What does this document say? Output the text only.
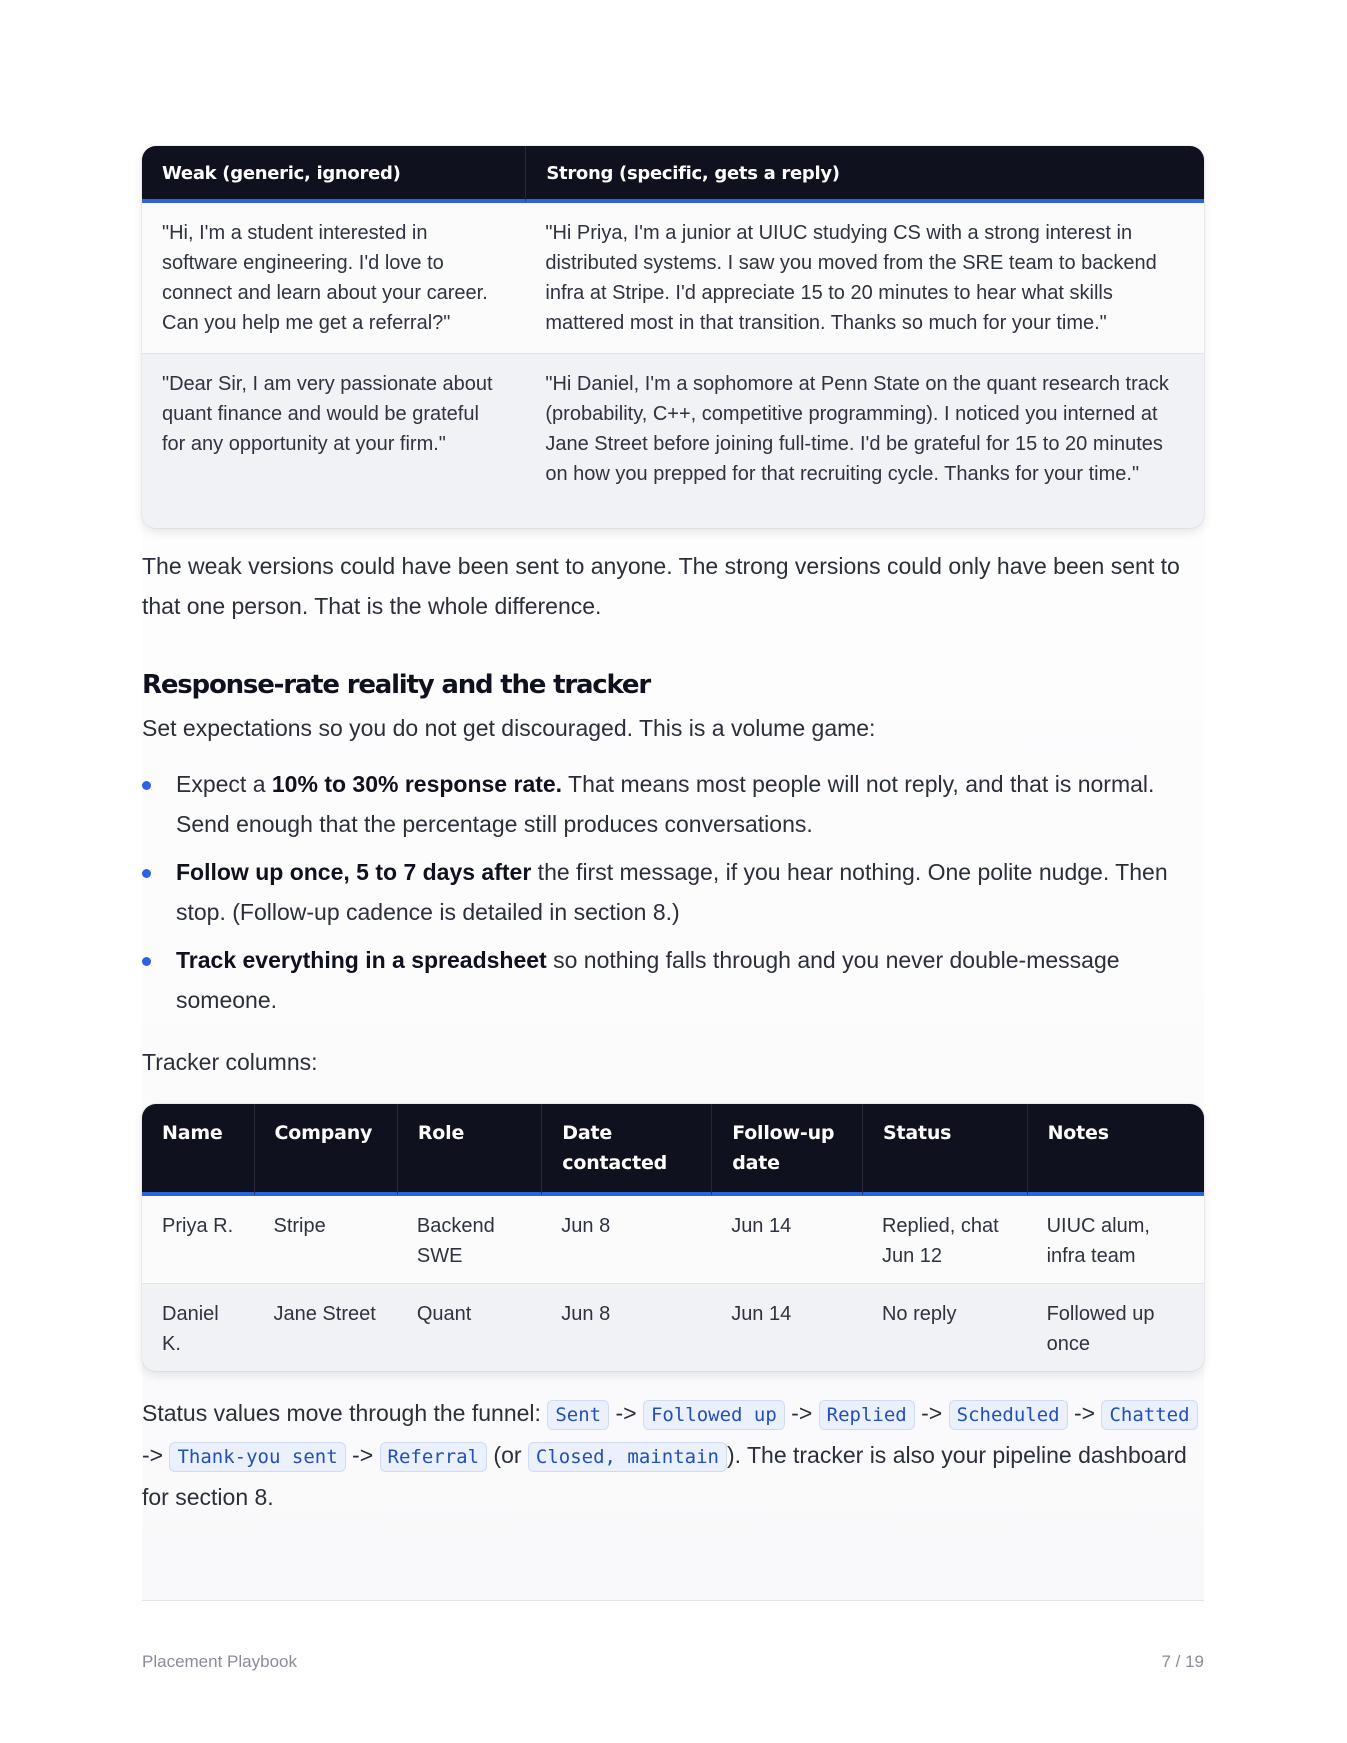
Weak (generic, ignored)	Strong (specific, gets a reply)
"Hi, I'm a student interested in software engineering. I'd love to connect and learn about your career. Can you help me get a referral?"	"Hi Priya, I'm a junior at UIUC studying CS with a strong interest in distributed systems. I saw you moved from the SRE team to backend infra at Stripe. I'd appreciate 15 to 20 minutes to hear what skills mattered most in that transition. Thanks so much for your time."
"Dear Sir, I am very passionate about quant finance and would be grateful for any opportunity at your firm."	"Hi Daniel, I'm a sophomore at Penn State on the quant research track (probability, C++, competitive programming). I noticed you interned at Jane Street before joining full-time. I'd be grateful for 15 to 20 minutes on how you prepped for that recruiting cycle. Thanks for your time."

The weak versions could have been sent to anyone. The strong versions could only have been sent to that one person. That is the whole difference.

Response-rate reality and the tracker

Set expectations so you do not get discouraged. This is a volume game:

Expect a 10% to 30% response rate. That means most people will not reply, and that is normal. Send enough that the percentage still produces conversations.
Follow up once, 5 to 7 days after the first message, if you hear nothing. One polite nudge. Then stop. (Follow-up cadence is detailed in section 8.)
Track everything in a spreadsheet so nothing falls through and you never double-message someone.

Tracker columns:

Name	Company	Role	Date contacted	Follow-up date	Status	Notes
Priya R.	Stripe	Backend SWE	Jun 8	Jun 14	Replied, chat Jun 12	UIUC alum, infra team
Daniel K.	Jane Street	Quant	Jun 8	Jun 14	No reply	Followed up once

Status values move through the funnel: Sent -> Followed up -> Replied -> Scheduled -> Chatted -> Thank-you sent -> Referral (or Closed, maintain ). The tracker is also your pipeline dashboard for section 8.

Placement Playbook	7 / 19
